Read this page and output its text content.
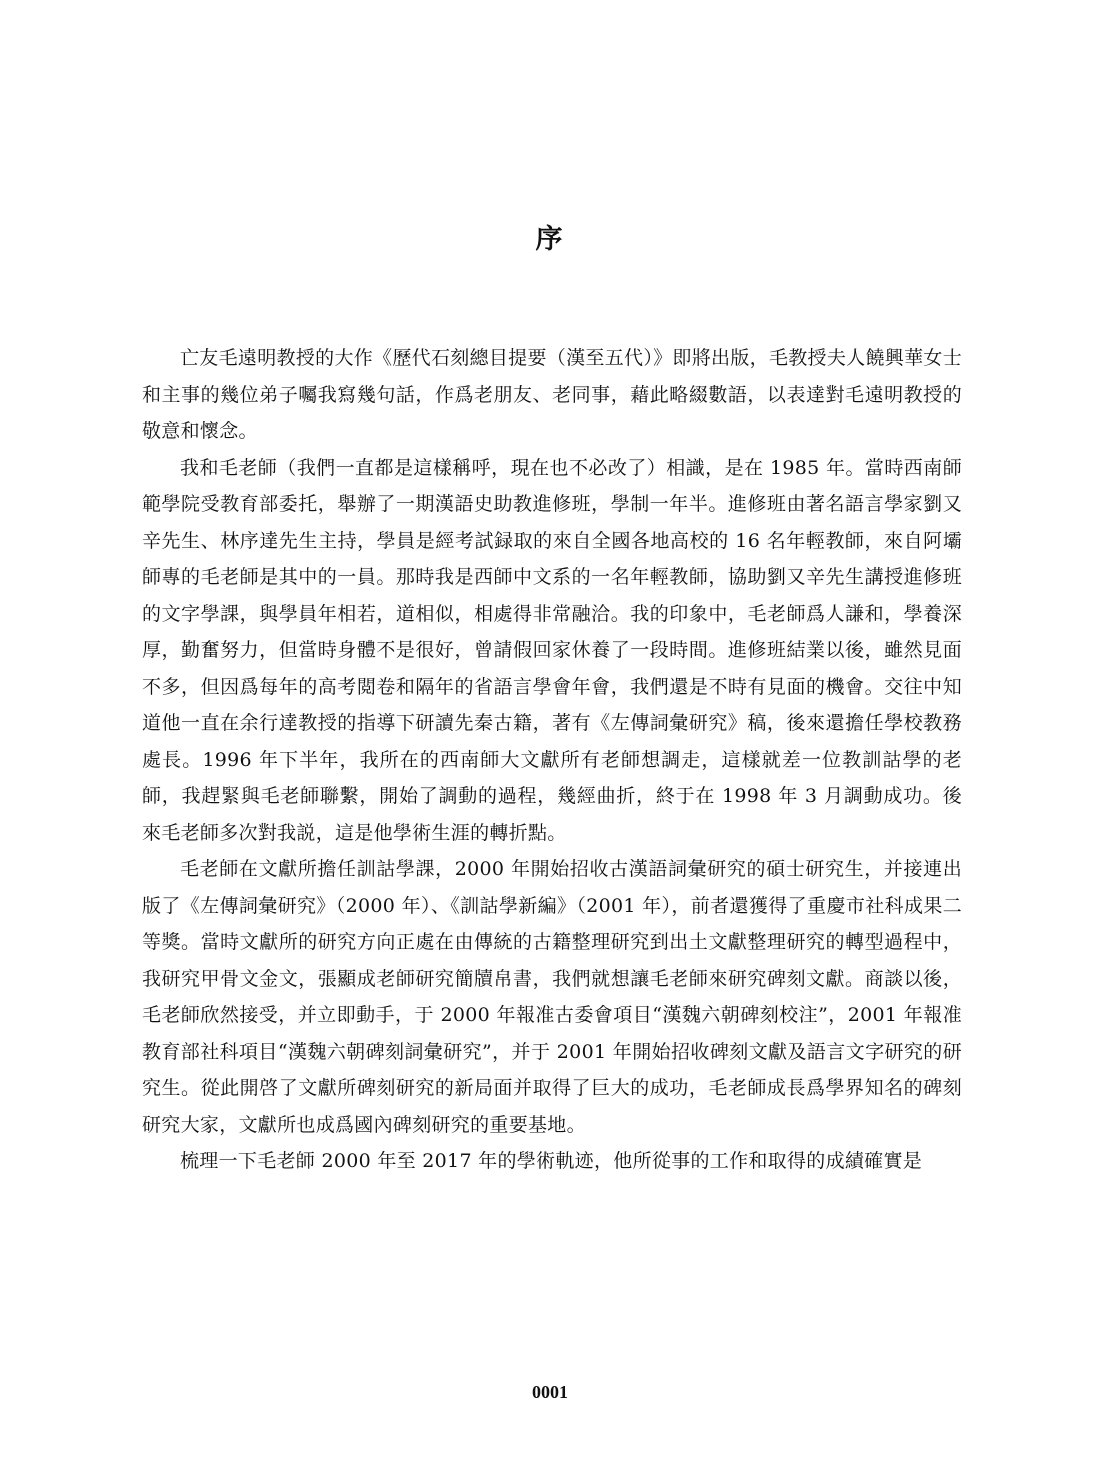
序

亡友毛遠明教授的大作《歷代石刻總目提要（漢至五代）》即將出版，毛教授夫人饒興華女士和主事的幾位弟子囑我寫幾句話，作爲老朋友、老同事，藉此略綴數語，以表達對毛遠明教授的敬意和懷念。

我和毛老師（我們一直都是這樣稱呼，現在也不必改了）相識，是在 1985 年。當時西南師範學院受教育部委托，舉辦了一期漢語史助教進修班，學制一年半。進修班由著名語言學家劉又辛先生、林序達先生主持，學員是經考試録取的來自全國各地高校的 16 名年輕教師，來自阿壩師專的毛老師是其中的一員。那時我是西師中文系的一名年輕教師，協助劉又辛先生講授進修班的文字學課，與學員年相若，道相似，相處得非常融洽。我的印象中，毛老師爲人謙和，學養深厚，勤奮努力，但當時身體不是很好，曾請假回家休養了一段時間。進修班結業以後，雖然見面不多，但因爲每年的高考閲卷和隔年的省語言學會年會，我們還是不時有見面的機會。交往中知道他一直在余行達教授的指導下研讀先秦古籍，著有《左傳詞彙研究》稿，後來還擔任學校教務處長。1996 年下半年，我所在的西南師大文獻所有老師想調走，這樣就差一位教訓詁學的老師，我趕緊與毛老師聯繫，開始了調動的過程，幾經曲折，終于在 1998 年 3 月調動成功。後來毛老師多次對我説，這是他學術生涯的轉折點。

毛老師在文獻所擔任訓詁學課，2000 年開始招收古漢語詞彙研究的碩士研究生，并接連出版了《左傳詞彙研究》（2000 年）、《訓詁學新編》（2001 年），前者還獲得了重慶市社科成果二等獎。當時文獻所的研究方向正處在由傳統的古籍整理研究到出土文獻整理研究的轉型過程中，我研究甲骨文金文，張顯成老師研究簡牘帛書，我們就想讓毛老師來研究碑刻文獻。商談以後，毛老師欣然接受，并立即動手，于 2000 年報准古委會項目“漢魏六朝碑刻校注”，2001 年報准教育部社科項目“漢魏六朝碑刻詞彙研究”，并于 2001 年開始招收碑刻文獻及語言文字研究的研究生。從此開啓了文獻所碑刻研究的新局面并取得了巨大的成功，毛老師成長爲學界知名的碑刻研究大家，文獻所也成爲國內碑刻研究的重要基地。

梳理一下毛老師 2000 年至 2017 年的學術軌迹，他所從事的工作和取得的成績確實是

0001
